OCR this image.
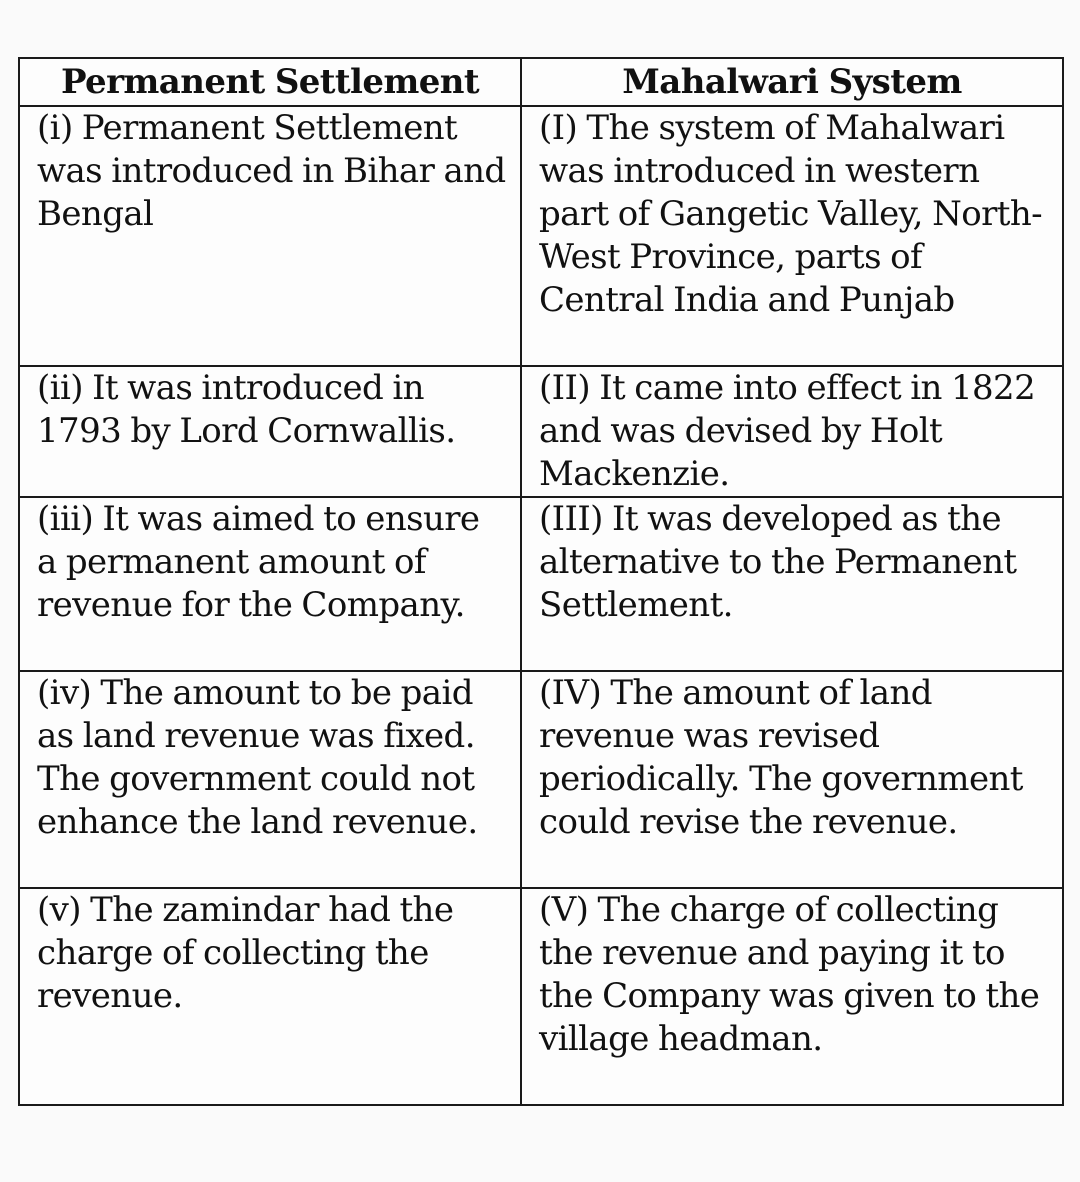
Permanent Settlement	Mahalwari System
(i) Permanent Settlement was introduced in Bihar and Bengal	(I) The system of Mahalwari was introduced in western part of Gangetic Valley, North-West Province, parts of Central India and Punjab
(ii) It was introduced in 1793 by Lord Cornwallis.	(II) It came into effect in 1822 and was devised by Holt Mackenzie.
(iii) It was aimed to ensure a permanent amount of revenue for the Company.	(III) It was developed as the alternative to the Permanent Settlement.
(iv) The amount to be paid as land revenue was fixed. The government could not enhance the land revenue.	(IV) The amount of land revenue was revised periodically. The government could revise the revenue.
(v) The zamindar had the charge of collecting the revenue.	(V) The charge of collecting the revenue and paying it to the Company was given to the village headman.
